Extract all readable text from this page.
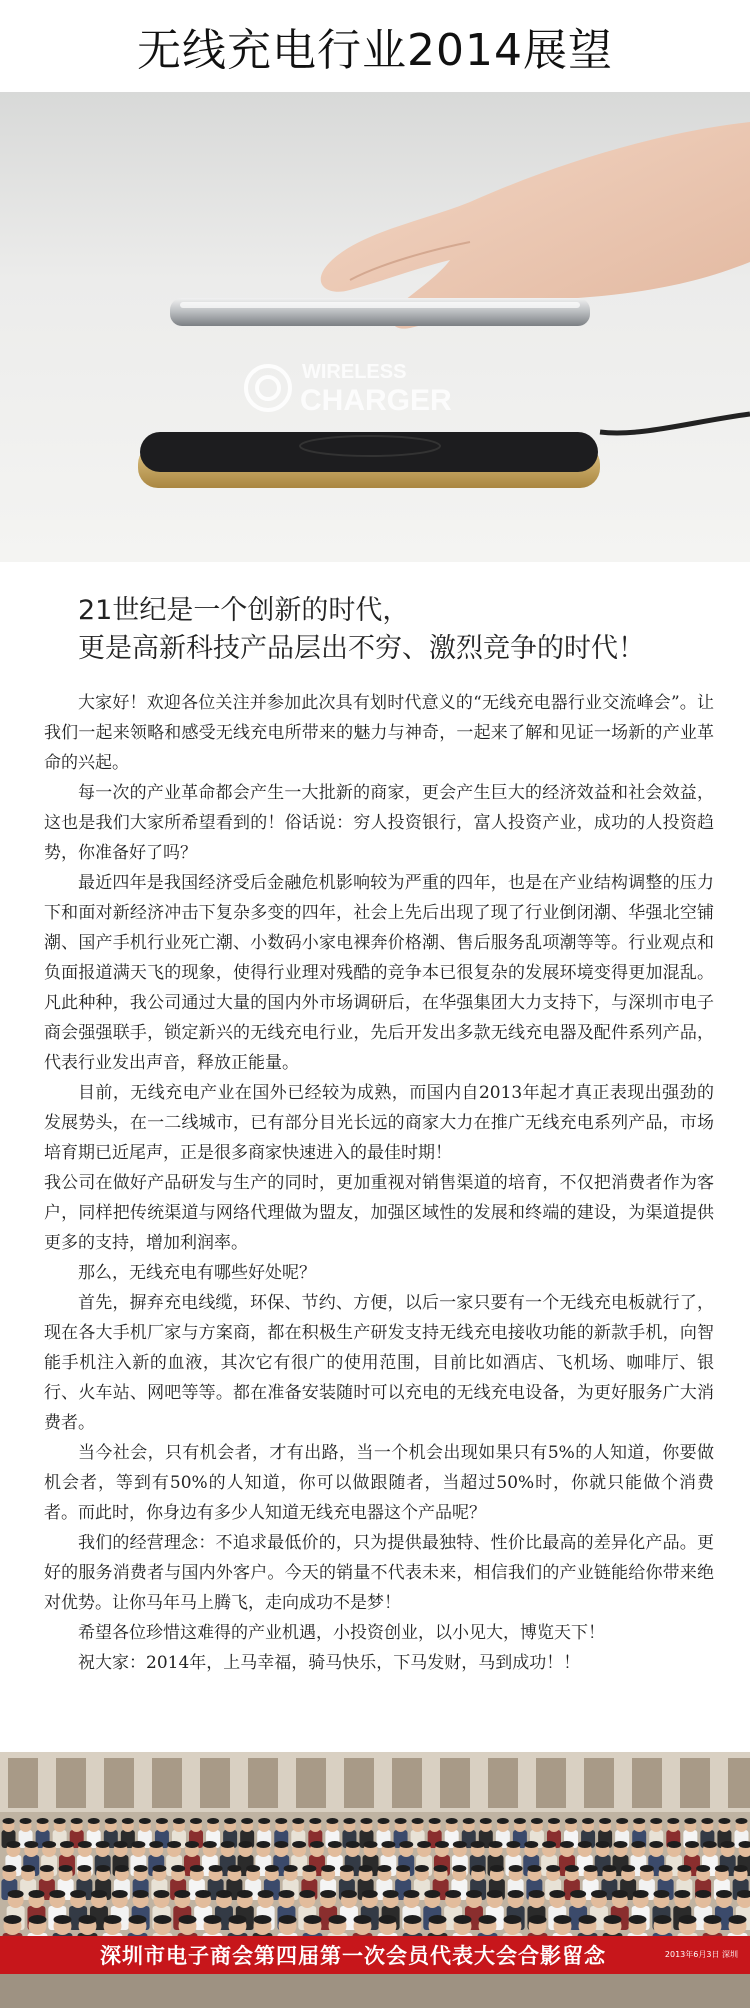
无线充电行业2014展望
WIRELESS
CHARGER
21世纪是一个创新的时代，
更是高新科技产品层出不穷、激烈竞争的时代！

大家好！欢迎各位关注并参加此次具有划时代意义的“无线充电器行业交流峰会”。让我们一起来领略和感受无线充电所带来的魅力与神奇，一起来了解和见证一场新的产业革命的兴起。

每一次的产业革命都会产生一大批新的商家，更会产生巨大的经济效益和社会效益，这也是我们大家所希望看到的！俗话说：穷人投资银行，富人投资产业，成功的人投资趋势，你准备好了吗？

最近四年是我国经济受后金融危机影响较为严重的四年，也是在产业结构调整的压力下和面对新经济冲击下复杂多变的四年，社会上先后出现了现了行业倒闭潮、华强北空铺潮、国产手机行业死亡潮、小数码小家电裸奔价格潮、售后服务乱项潮等等。行业观点和负面报道满天飞的现象，使得行业理对残酷的竞争本已很复杂的发展环境变得更加混乱。凡此种种，我公司通过大量的国内外市场调研后，在华强集团大力支持下，与深圳市电子商会强强联手，锁定新兴的无线充电行业，先后开发出多款无线充电器及配件系列产品，代表行业发出声音，释放正能量。

目前，无线充电产业在国外已经较为成熟，而国内自2013年起才真正表现出强劲的发展势头，在一二线城市，已有部分目光长远的商家大力在推广无线充电系列产品，市场培育期已近尾声，正是很多商家快速进入的最佳时期！

我公司在做好产品研发与生产的同时，更加重视对销售渠道的培育，不仅把消费者作为客户，同样把传统渠道与网络代理做为盟友，加强区域性的发展和终端的建设，为渠道提供更多的支持，增加利润率。

那么，无线充电有哪些好处呢？

首先，摒弃充电线缆，环保、节约、方便，以后一家只要有一个无线充电板就行了，现在各大手机厂家与方案商，都在积极生产研发支持无线充电接收功能的新款手机，向智能手机注入新的血液，其次它有很广的使用范围，目前比如酒店、飞机场、咖啡厅、银行、火车站、网吧等等。都在准备安装随时可以充电的无线充电设备，为更好服务广大消费者。

当今社会，只有机会者，才有出路，当一个机会出现如果只有5%的人知道，你要做机会者，等到有50%的人知道，你可以做跟随者，当超过50%时，你就只能做个消费者。而此时，你身边有多少人知道无线充电器这个产品呢？

我们的经营理念：不追求最低价的，只为提供最独特、性价比最高的差异化产品。更好的服务消费者与国内外客户。今天的销量不代表未来，相信我们的产业链能给你带来绝对优势。让你马年马上腾飞，走向成功不是梦！

希望各位珍惜这难得的产业机遇，小投资创业，以小见大，博览天下！

祝大家：2014年，上马幸福，骑马快乐，下马发财，马到成功！！

深圳市电子商会第四届第一次会员代表大会合影留念	2013年6月3日 深圳
